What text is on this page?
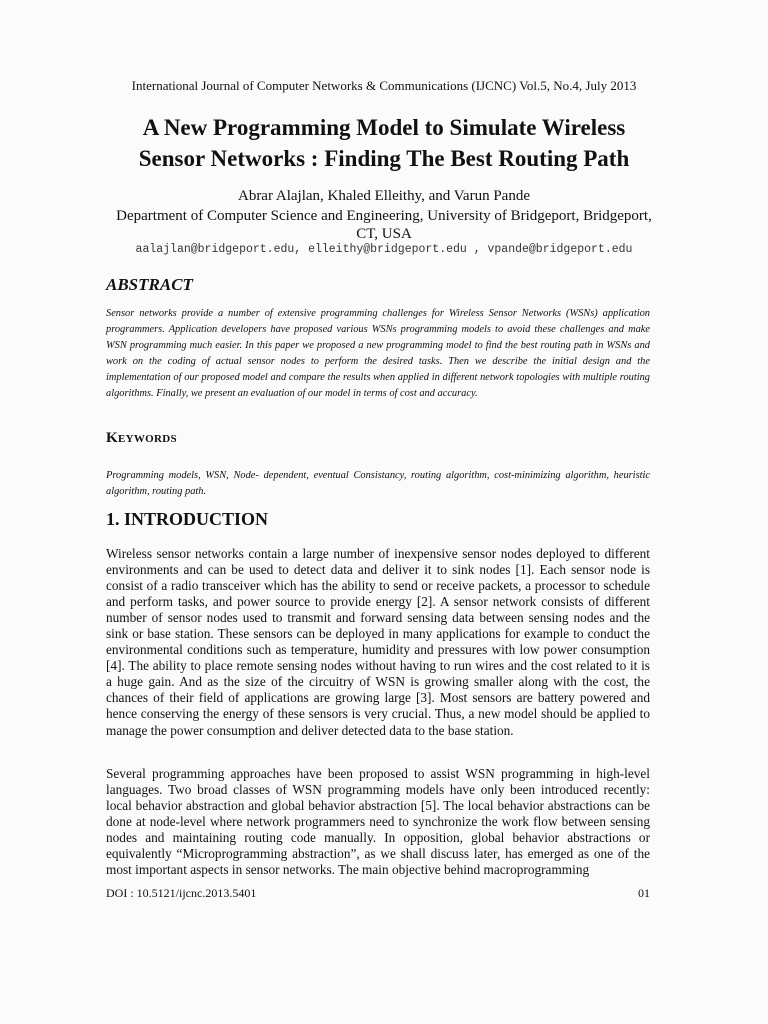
International Journal of Computer Networks & Communications (IJCNC) Vol.5, No.4, July 2013
A New Programming Model to Simulate Wireless
Sensor Networks : Finding The Best Routing Path
Abrar Alajlan, Khaled Elleithy, and Varun Pande
Department of Computer Science and Engineering, University of Bridgeport, Bridgeport,
CT, USA
aalajlan@bridgeport.edu, elleithy@bridgeport.edu , vpande@bridgeport.edu
ABSTRACT

Sensor networks provide a number of extensive programming challenges for Wireless Sensor Networks (WSNs) application programmers. Application developers have proposed various WSNs programming models to avoid these challenges and make WSN programming much easier. In this paper we proposed a new programming model to find the best routing path in WSNs and work on the coding of actual sensor nodes to perform the desired tasks. Then we describe the initial design and the implementation of our proposed model and compare the results when applied in different network topologies with multiple routing algorithms. Finally, we present an evaluation of our model in terms of cost and accuracy.

Keywords

Programming models, WSN, Node- dependent, eventual Consistancy, routing algorithm, cost-minimizing algorithm, heuristic algorithm, routing path.

1. INTRODUCTION

Wireless sensor networks contain a large number of inexpensive sensor nodes deployed to different environments and can be used to detect data and deliver it to sink nodes [1]. Each sensor node is consist of a radio transceiver which has the ability to send or receive packets, a processor to schedule and perform tasks, and power source to provide energy [2]. A sensor network consists of different number of sensor nodes used to transmit and forward sensing data between sensing nodes and the sink or base station. These sensors can be deployed in many applications for example to conduct the environmental conditions such as temperature, humidity and pressures with low power consumption [4]. The ability to place remote sensing nodes without having to run wires and the cost related to it is a huge gain. And as the size of the circuitry of WSN is growing smaller along with the cost, the chances of their field of applications are growing large [3]. Most sensors are battery powered and hence conserving the energy of these sensors is very crucial. Thus, a new model should be applied to manage the power consumption and deliver detected data to the base station.

Several programming approaches have been proposed to assist WSN programming in high-level languages. Two broad classes of WSN programming models have only been introduced recently: local behavior abstraction and global behavior abstraction [5]. The local behavior abstractions can be done at node-level where network programmers need to synchronize the work flow between sensing nodes and maintaining routing code manually. In opposition, global behavior abstractions or equivalently “Microprogramming abstraction”, as we shall discuss later, has emerged as one of the most important aspects in sensor networks. The main objective behind macroprogramming

DOI : 10.5121/ijcnc.2013.5401	01
